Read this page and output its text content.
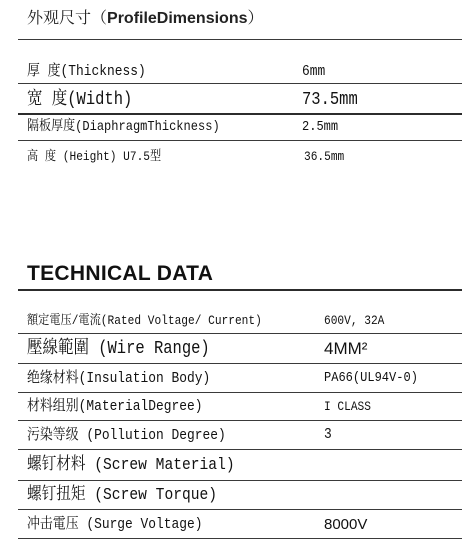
外观尺寸（ProfileDimensions）
厚 度(Thickness)	6mm
宽 度(Width)	73.5mm
隔板厚度(DiaphragmThickness)	2.5mm
高 度 (Height) U7.5型	36.5mm
TECHNICAL DATA
額定電压/電流(Rated Voltage/ Current)	600V, 32A
壓線範圍 (Wire Range)	4MM²
绝缘材料(Insulation Body)	PA66(UL94V-0)
材料组别(MaterialDegree)	I CLASS
污染等级 (Pollution Degree)	3
螺钉材料 (Screw Material)
螺钉扭矩 (Screw Torque)
冲击電压 (Surge Voltage)	8000V
